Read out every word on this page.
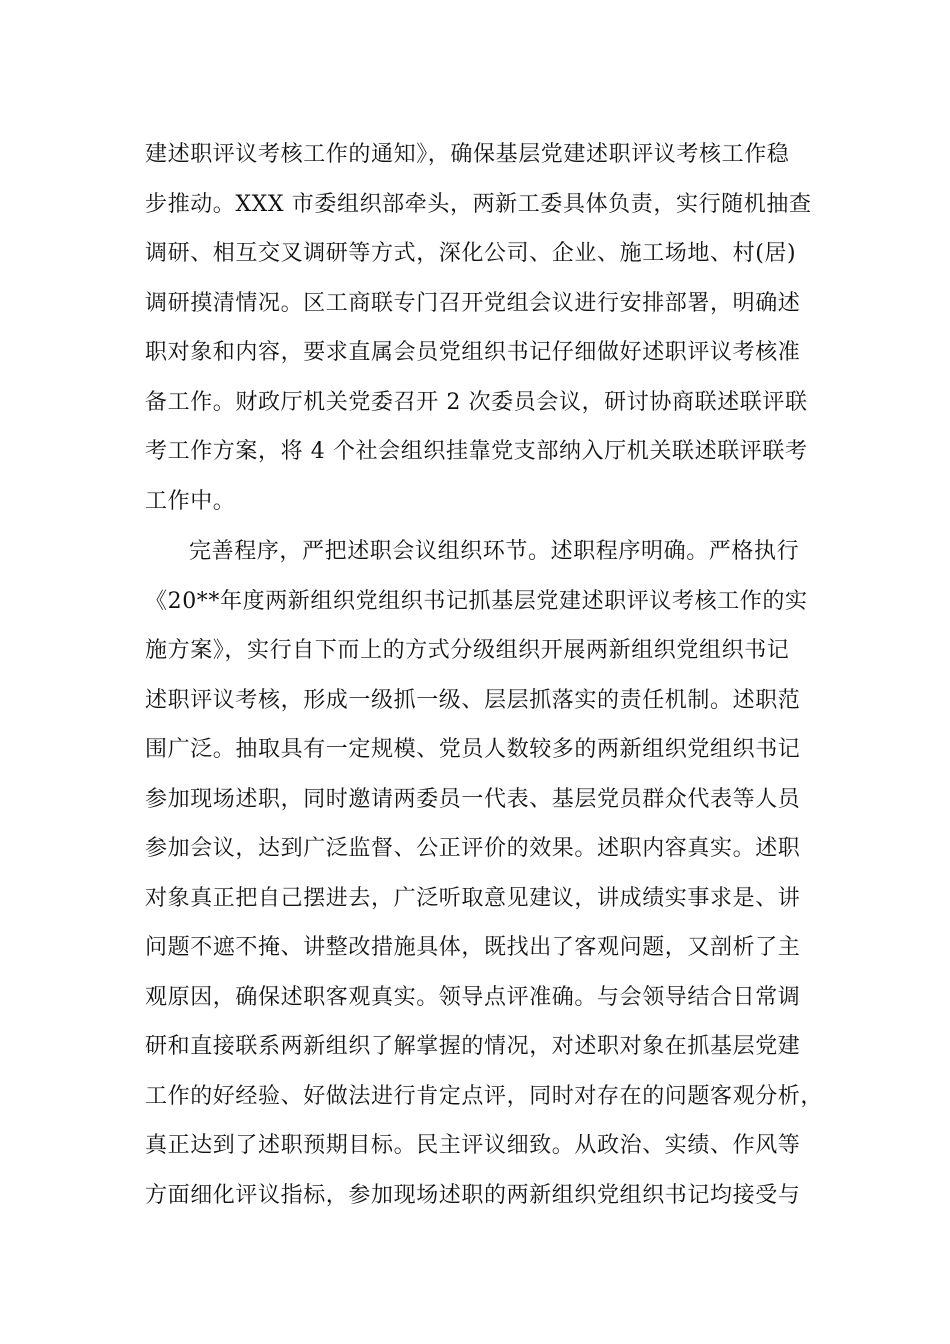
建述职评议考核工作的通知》，确保基层党建述职评议考核工作稳
步推动。XXX 市委组织部牵头，两新工委具体负责，实行随机抽查
调研、相互交叉调研等方式，深化公司、企业、施工场地、村(居)
调研摸清情况。区工商联专门召开党组会议进行安排部署，明确述
职对象和内容，要求直属会员党组织书记仔细做好述职评议考核准
备工作。财政厅机关党委召开 2 次委员会议，研讨协商联述联评联
考工作方案，将 4 个社会组织挂靠党支部纳入厅机关联述联评联考
工作中。
完善程序，严把述职会议组织环节。述职程序明确。严格执行
《20**年度两新组织党组织书记抓基层党建述职评议考核工作的实
施方案》，实行自下而上的方式分级组织开展两新组织党组织书记
述职评议考核，形成一级抓一级、层层抓落实的责任机制。述职范
围广泛。抽取具有一定规模、党员人数较多的两新组织党组织书记
参加现场述职，同时邀请两委员一代表、基层党员群众代表等人员
参加会议，达到广泛监督、公正评价的效果。述职内容真实。述职
对象真正把自己摆进去，广泛听取意见建议，讲成绩实事求是、讲
问题不遮不掩、讲整改措施具体，既找出了客观问题，又剖析了主
观原因，确保述职客观真实。领导点评准确。与会领导结合日常调
研和直接联系两新组织了解掌握的情况，对述职对象在抓基层党建
工作的好经验、好做法进行肯定点评，同时对存在的问题客观分析，
真正达到了述职预期目标。民主评议细致。从政治、实绩、作风等
方面细化评议指标，参加现场述职的两新组织党组织书记均接受与
